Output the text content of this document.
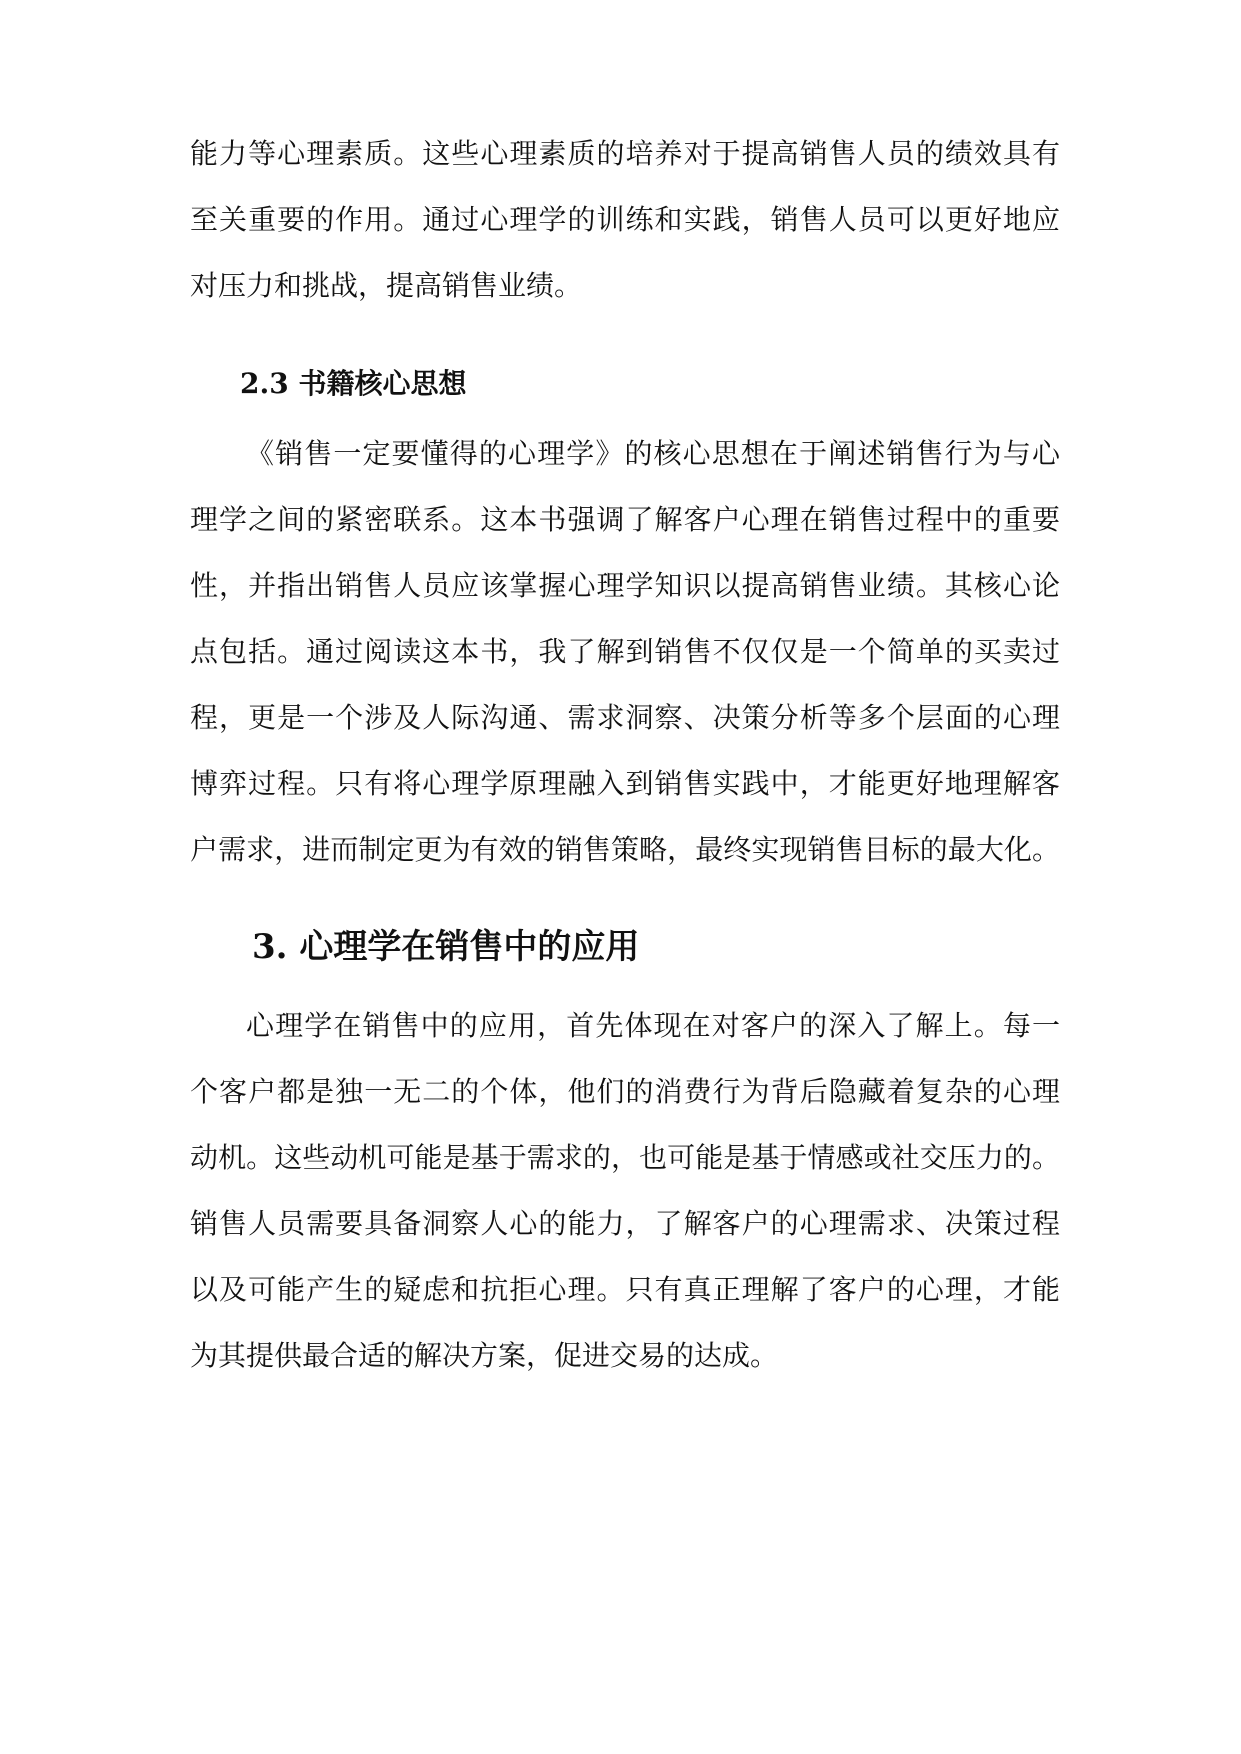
能力等心理素质。这些心理素质的培养对于提高销售人员的绩效具有
至关重要的作用。通过心理学的训练和实践，销售人员可以更好地应
对压力和挑战，提高销售业绩。
2.3 书籍核心思想
《销售一定要懂得的心理学》的核心思想在于阐述销售行为与心
理学之间的紧密联系。这本书强调了解客户心理在销售过程中的重要
性，并指出销售人员应该掌握心理学知识以提高销售业绩。其核心论
点包括。通过阅读这本书，我了解到销售不仅仅是一个简单的买卖过
程，更是一个涉及人际沟通、需求洞察、决策分析等多个层面的心理
博弈过程。只有将心理学原理融入到销售实践中，才能更好地理解客
户需求，进而制定更为有效的销售策略，最终实现销售目标的最大化。
3. 心理学在销售中的应用
心理学在销售中的应用，首先体现在对客户的深入了解上。每一
个客户都是独一无二的个体，他们的消费行为背后隐藏着复杂的心理
动机。这些动机可能是基于需求的，也可能是基于情感或社交压力的。
销售人员需要具备洞察人心的能力，了解客户的心理需求、决策过程
以及可能产生的疑虑和抗拒心理。只有真正理解了客户的心理，才能
为其提供最合适的解决方案，促进交易的达成。
